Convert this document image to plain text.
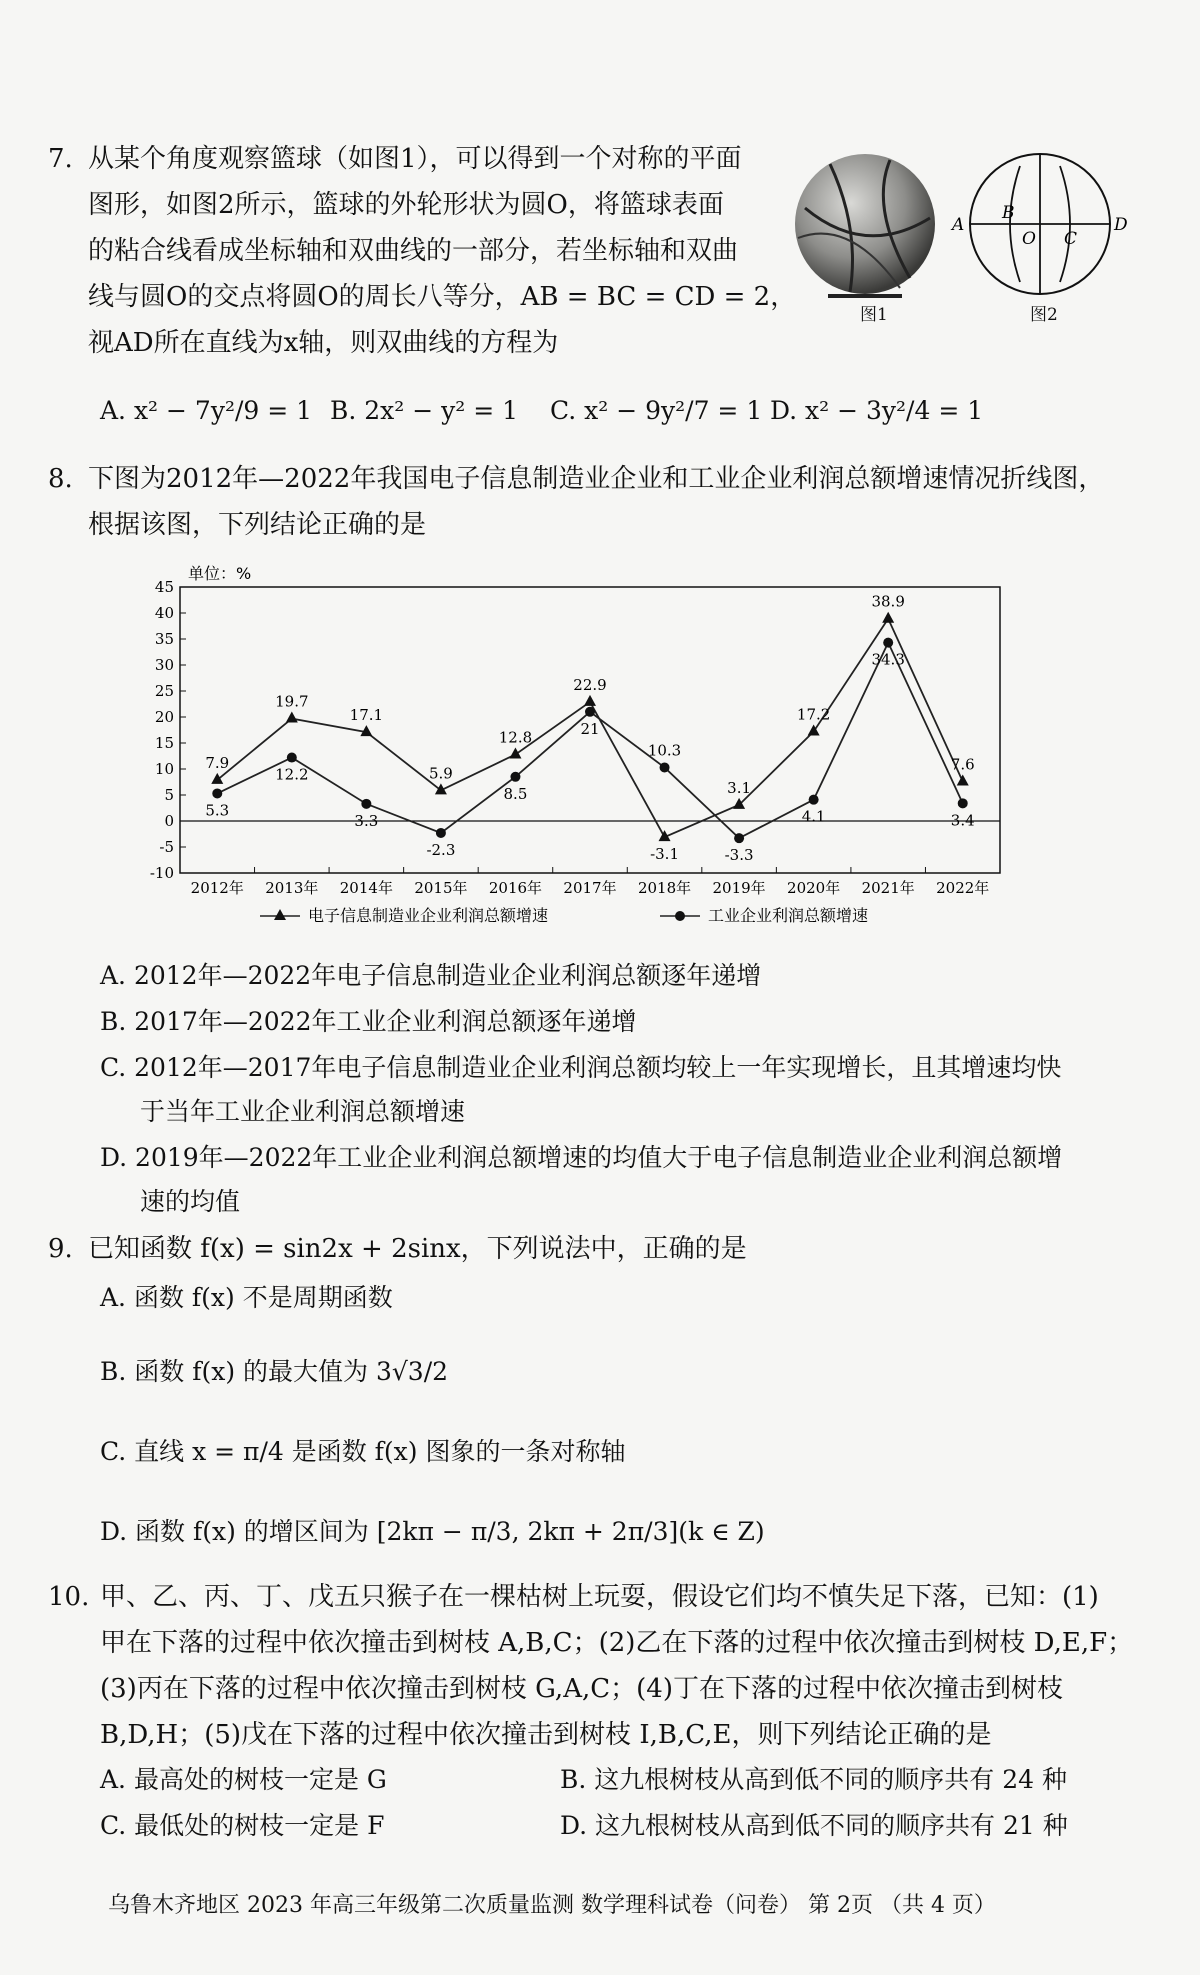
7. 从某个角度观察篮球（如图1），可以得到一个对称的平面
图形，如图2所示，篮球的外轮形状为圆O，将篮球表面
的粘合线看成坐标轴和双曲线的一部分，若坐标轴和双曲
线与圆O的交点将圆O的周长八等分，AB = BC = CD = 2，
视AD所在直线为x轴，则双曲线的方程为
图1
A
B
O C
D
图2
A. x² − 7y²/9 = 1 B. 2x² − y² = 1 C. x² − 9y²/7 = 1 D. x² − 3y²/4 = 1
8. 下图为2012年—2022年我国电子信息制造业企业和工业企业利润总额增速情况折线图，
根据该图，下列结论正确的是
单位：%
45
40
35
30
25
20
15
10
5
0
-5
-10
2012年 2013年 2014年 2015年 2016年 2017年 2018年 2019年 2020年 2021年 2022年
7.9
19.7
17.1
5.9
12.8
22.9
-3.1
3.1
17.2
38.9
7.6
5.3
12.2
3.3
-2.3
8.5
21
10.3
-3.3
4.1
34.3
3.4
电子信息制造业企业利润总额增速	工业企业利润总额增速
A. 2012年—2022年电子信息制造业企业利润总额逐年递增
B. 2017年—2022年工业企业利润总额逐年递增
C. 2012年—2017年电子信息制造业企业利润总额均较上一年实现增长，且其增速均快
于当年工业企业利润总额增速
D. 2019年—2022年工业企业利润总额增速的均值大于电子信息制造业企业利润总额增
速的均值
9. 已知函数 f(x) = sin2x + 2sinx，下列说法中，正确的是
A. 函数 f(x) 不是周期函数
B. 函数 f(x) 的最大值为 3√3/2
C. 直线 x = π/4 是函数 f(x) 图象的一条对称轴
D. 函数 f(x) 的增区间为 [2kπ − π/3, 2kπ + 2π/3](k ∈ Z)
10. 甲、乙、丙、丁、戊五只猴子在一棵枯树上玩耍，假设它们均不慎失足下落，已知：(1)
甲在下落的过程中依次撞击到树枝 A,B,C；(2)乙在下落的过程中依次撞击到树枝 D,E,F；
(3)丙在下落的过程中依次撞击到树枝 G,A,C；(4)丁在下落的过程中依次撞击到树枝
B,D,H；(5)戊在下落的过程中依次撞击到树枝 I,B,C,E，则下列结论正确的是
A. 最高处的树枝一定是 G	B. 这九根树枝从高到低不同的顺序共有 24 种
C. 最低处的树枝一定是 F	D. 这九根树枝从高到低不同的顺序共有 21 种
乌鲁木齐地区 2023 年高三年级第二次质量监测 数学理科试卷（问卷） 第 2页 （共 4 页）
